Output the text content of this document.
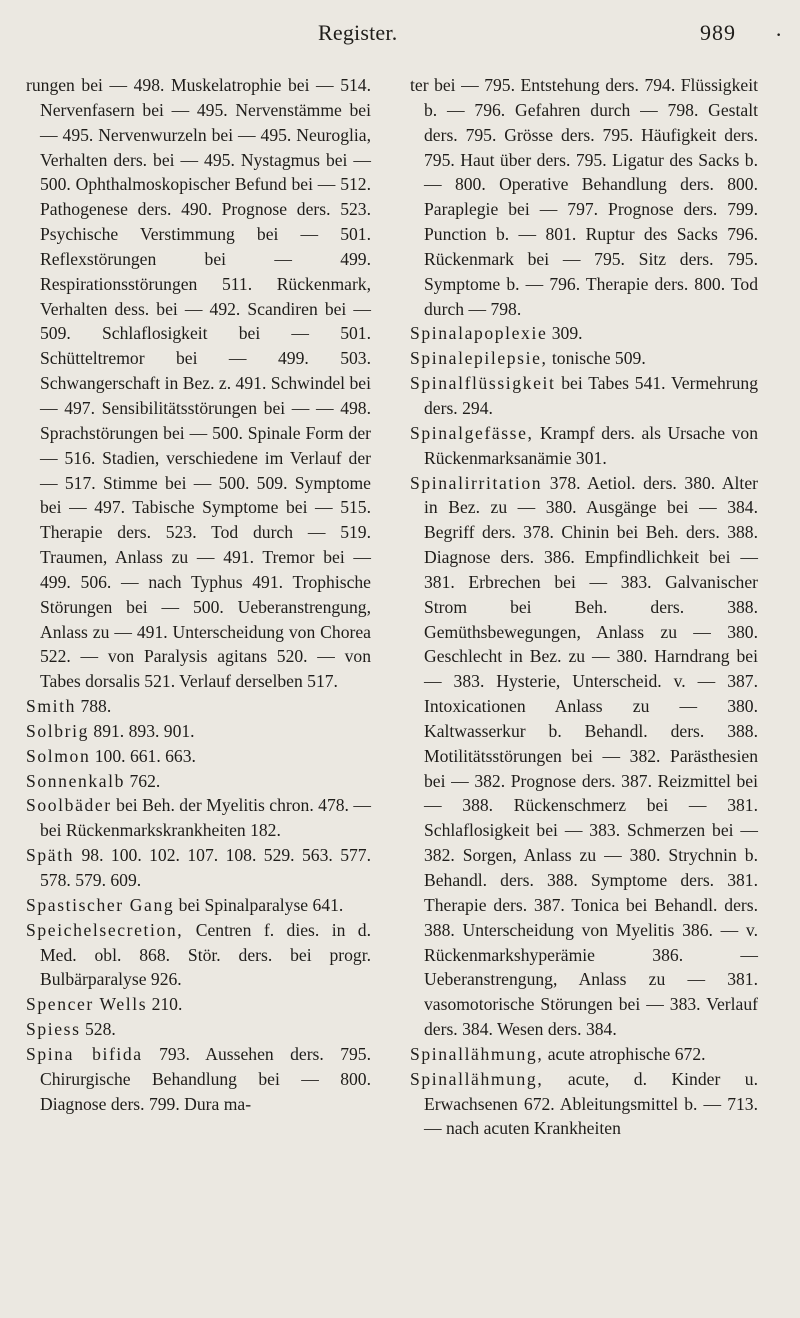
Register.	989 ·

rungen bei — 498. Muskelatrophie bei — 514. Nervenfasern bei — 495. Nervenstämme bei — 495. Nervenwurzeln bei — 495. Neuroglia, Verhalten ders. bei — 495. Nystagmus bei — 500. Ophthalmoskopischer Befund bei — 512. Pathogenese ders. 490. Prognose ders. 523. Psychische Verstimmung bei — 501. Reflexstörungen bei — 499. Respirationsstörungen 511. Rückenmark, Verhalten dess. bei — 492. Scandiren bei — 509. Schlaflosigkeit bei — 501. Schütteltremor bei — 499. 503. Schwangerschaft in Bez. z. 491. Schwindel bei — 497. Sensibilitätsstörungen bei — — 498. Sprachstörungen bei — 500. Spinale Form der — 516. Stadien, verschiedene im Verlauf der — 517. Stimme bei — 500. 509. Symptome bei — 497. Tabische Symptome bei — 515. Therapie ders. 523. Tod durch — 519. Traumen, Anlass zu — 491. Tremor bei — 499. 506. — nach Typhus 491. Trophische Störungen bei — 500. Ueberanstrengung, Anlass zu — 491. Unterscheidung von Chorea 522. — von Paralysis agitans 520. — von Tabes dorsalis 521. Verlauf derselben 517.

Smith 788.

Solbrig 891. 893. 901.

Solmon 100. 661. 663.

Sonnenkalb 762.

Soolbäder bei Beh. der Myelitis chron. 478. — bei Rückenmarkskrankheiten 182.

Späth 98. 100. 102. 107. 108. 529. 563. 577. 578. 579. 609.

Spastischer Gang bei Spinalparalyse 641.

Speichelsecretion, Centren f. dies. in d. Med. obl. 868. Stör. ders. bei progr. Bulbärparalyse 926.

Spencer Wells 210.

Spiess 528.

Spina bifida 793. Aussehen ders. 795. Chirurgische Behandlung bei — 800. Diagnose ders. 799. Dura ma-

ter bei — 795. Entstehung ders. 794. Flüssigkeit b. — 796. Gefahren durch — 798. Gestalt ders. 795. Grösse ders. 795. Häufigkeit ders. 795. Haut über ders. 795. Ligatur des Sacks b. — 800. Operative Behandlung ders. 800. Paraplegie bei — 797. Prognose ders. 799. Punction b. — 801. Ruptur des Sacks 796. Rückenmark bei — 795. Sitz ders. 795. Symptome b. — 796. Therapie ders. 800. Tod durch — 798.

Spinalapoplexie 309.

Spinalepilepsie, tonische 509.

Spinalflüssigkeit bei Tabes 541. Vermehrung ders. 294.

Spinalgefässe, Krampf ders. als Ursache von Rückenmarksanämie 301.

Spinalirritation 378. Aetiol. ders. 380. Alter in Bez. zu — 380. Ausgänge bei — 384. Begriff ders. 378. Chinin bei Beh. ders. 388. Diagnose ders. 386. Empfindlichkeit bei — 381. Erbrechen bei — 383. Galvanischer Strom bei Beh. ders. 388. Gemüthsbewegungen, Anlass zu — 380. Geschlecht in Bez. zu — 380. Harndrang bei — 383. Hysterie, Unterscheid. v. — 387. Intoxicationen Anlass zu — 380. Kaltwasserkur b. Behandl. ders. 388. Motilitätsstörungen bei — 382. Parästhesien bei — 382. Prognose ders. 387. Reizmittel bei — 388. Rückenschmerz bei — 381. Schlaflosigkeit bei — 383. Schmerzen bei — 382. Sorgen, Anlass zu — 380. Strychnin b. Behandl. ders. 388. Symptome ders. 381. Therapie ders. 387. Tonica bei Behandl. ders. 388. Unterscheidung von Myelitis 386. — v. Rückenmarkshyperämie 386. — Ueberanstrengung, Anlass zu — 381. vasomotorische Störungen bei — 383. Verlauf ders. 384. Wesen ders. 384.

Spinallähmung, acute atrophische 672.

Spinallähmung, acute, d. Kinder u. Erwachsenen 672. Ableitungsmittel b. — 713. — nach acuten Krankheiten
